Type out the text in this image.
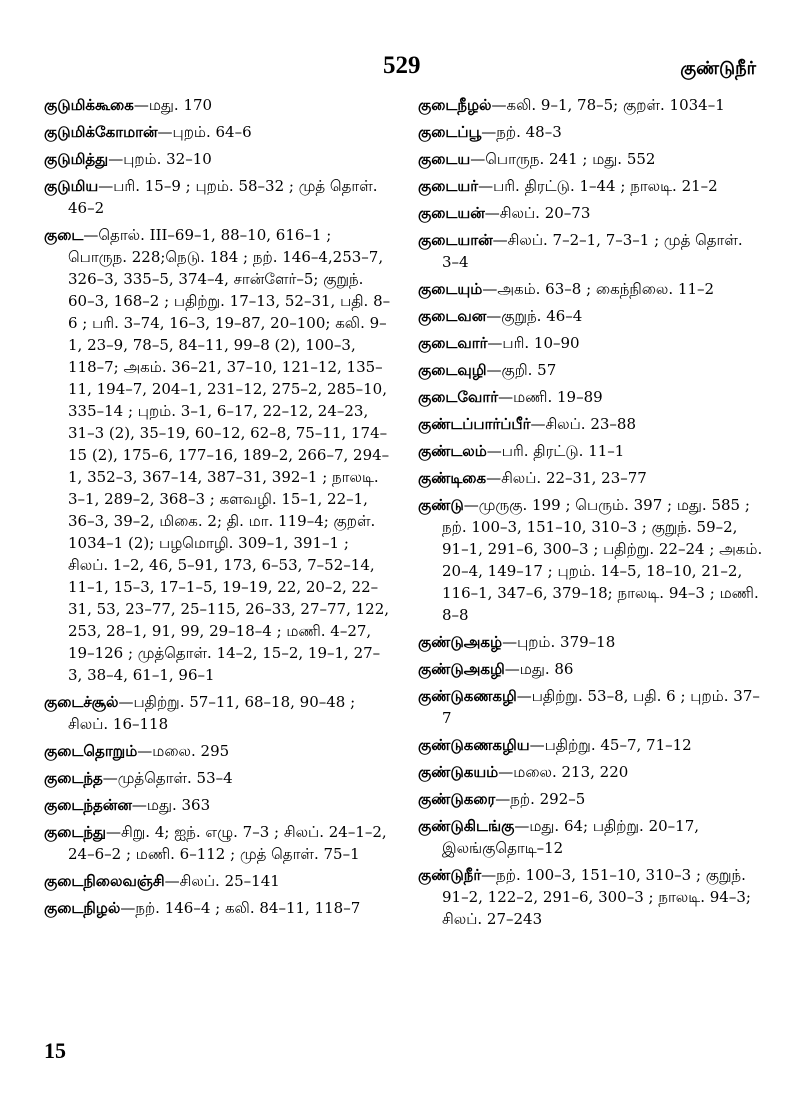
529	குண்டுநீர்
குடுமிக்கூகை—மது. 170
குடுமிக்கோமான்—புறம். 64–6
குடுமித்து—புறம். 32–10
குடுமிய—பரி. 15–9 ; புறம். 58–32 ; முத் தொள். 46–2
குடை—தொல். III–69–1, 88–10, 616–1 ; பொருந. 228;நெடு. 184 ; நற். 146–4,253–7, 326–3, 335–5, 374–4, சான்ளேர்–5; குறுந். 60–3, 168–2 ; பதிற்று. 17–13, 52–31, பதி. 8–6 ; பரி. 3–74, 16–3, 19–87, 20–100; கலி. 9–1, 23–9, 78–5, 84–11, 99–8 (2), 100–3, 118–7; அகம். 36–21, 37–10, 121–12, 135–11, 194–7, 204–1, 231–12, 275–2, 285–10, 335–14 ; புறம். 3–1, 6–17, 22–12, 24–23, 31–3 (2), 35–19, 60–12, 62–8, 75–11, 174–15 (2), 175–6, 177–16, 189–2, 266–7, 294–1, 352–3, 367–14, 387–31, 392–1 ; நாலடி. 3–1, 289–2, 368–3 ; களவழி. 15–1, 22–1, 36–3, 39–2, மிகை. 2; தி. மா. 119–4; குறள். 1034–1 (2); பழமொழி. 309–1, 391–1 ; சிலப். 1–2, 46, 5–91, 173, 6–53, 7–52–14, 11–1, 15–3, 17–1–5, 19–19, 22, 20–2, 22–31, 53, 23–77, 25–115, 26–33, 27–77, 122, 253, 28–1, 91, 99, 29–18–4 ; மணி. 4–27, 19–126 ; முத்தொள். 14–2, 15–2, 19–1, 27–3, 38–4, 61–1, 96–1
குடைச்சூல்—பதிற்று. 57–11, 68–18, 90–48 ; சிலப். 16–118
குடைதொறும்—மலை. 295
குடைந்த—முத்தொள். 53–4
குடைந்தன்ன—மது. 363
குடைந்து—சிறு. 4; ஐந். எழு. 7–3 ; சிலப். 24–1–2, 24–6–2 ; மணி. 6–112 ; முத் தொள். 75–1
குடைநிலைவஞ்சி—சிலப். 25–141
குடைநிழல்—நற். 146–4 ; கலி. 84–11, 118–7
குடைநீழல்—கலி. 9–1, 78–5; குறள். 1034–1
குடைப்பூ—நற். 48–3
குடைய—பொருந. 241 ; மது. 552
குடையர்—பரி. திரட்டு. 1–44 ; நாலடி. 21–2
குடையன்—சிலப். 20–73
குடையான்—சிலப். 7–2–1, 7–3–1 ; முத் தொள். 3–4
குடையும்—அகம். 63–8 ; கைந்நிலை. 11–2
குடைவன—குறுந். 46–4
குடைவார்—பரி. 10–90
குடைவுழி—குறி. 57
குடைவோர்—மணி. 19–89
குண்டப்பார்ப்பீர்—சிலப். 23–88
குண்டலம்—பரி. திரட்டு. 11–1
குண்டிகை—சிலப். 22–31, 23–77
குண்டு—முருகு. 199 ; பெரும். 397 ; மது. 585 ; நற். 100–3, 151–10, 310–3 ; குறுந். 59–2, 91–1, 291–6, 300–3 ; பதிற்று. 22–24 ; அகம். 20–4, 149–17 ; புறம். 14–5, 18–10, 21–2, 116–1, 347–6, 379–18; நாலடி. 94–3 ; மணி. 8–8
குண்டுஅகழ்—புறம். 379–18
குண்டுஅகழி—மது. 86
குண்டுகணகழி—பதிற்று. 53–8, பதி. 6 ; புறம். 37–7
குண்டுகணகழிய—பதிற்று. 45–7, 71–12
குண்டுகயம்—மலை. 213, 220
குண்டுகரை—நற். 292–5
குண்டுகிடங்கு—மது. 64; பதிற்று. 20–17, இலங்குதொடி–12
குண்டுநீர்—நற். 100–3, 151–10, 310–3 ; குறுந். 91–2, 122–2, 291–6, 300–3 ; நாலடி. 94–3; சிலப். 27–243
15
